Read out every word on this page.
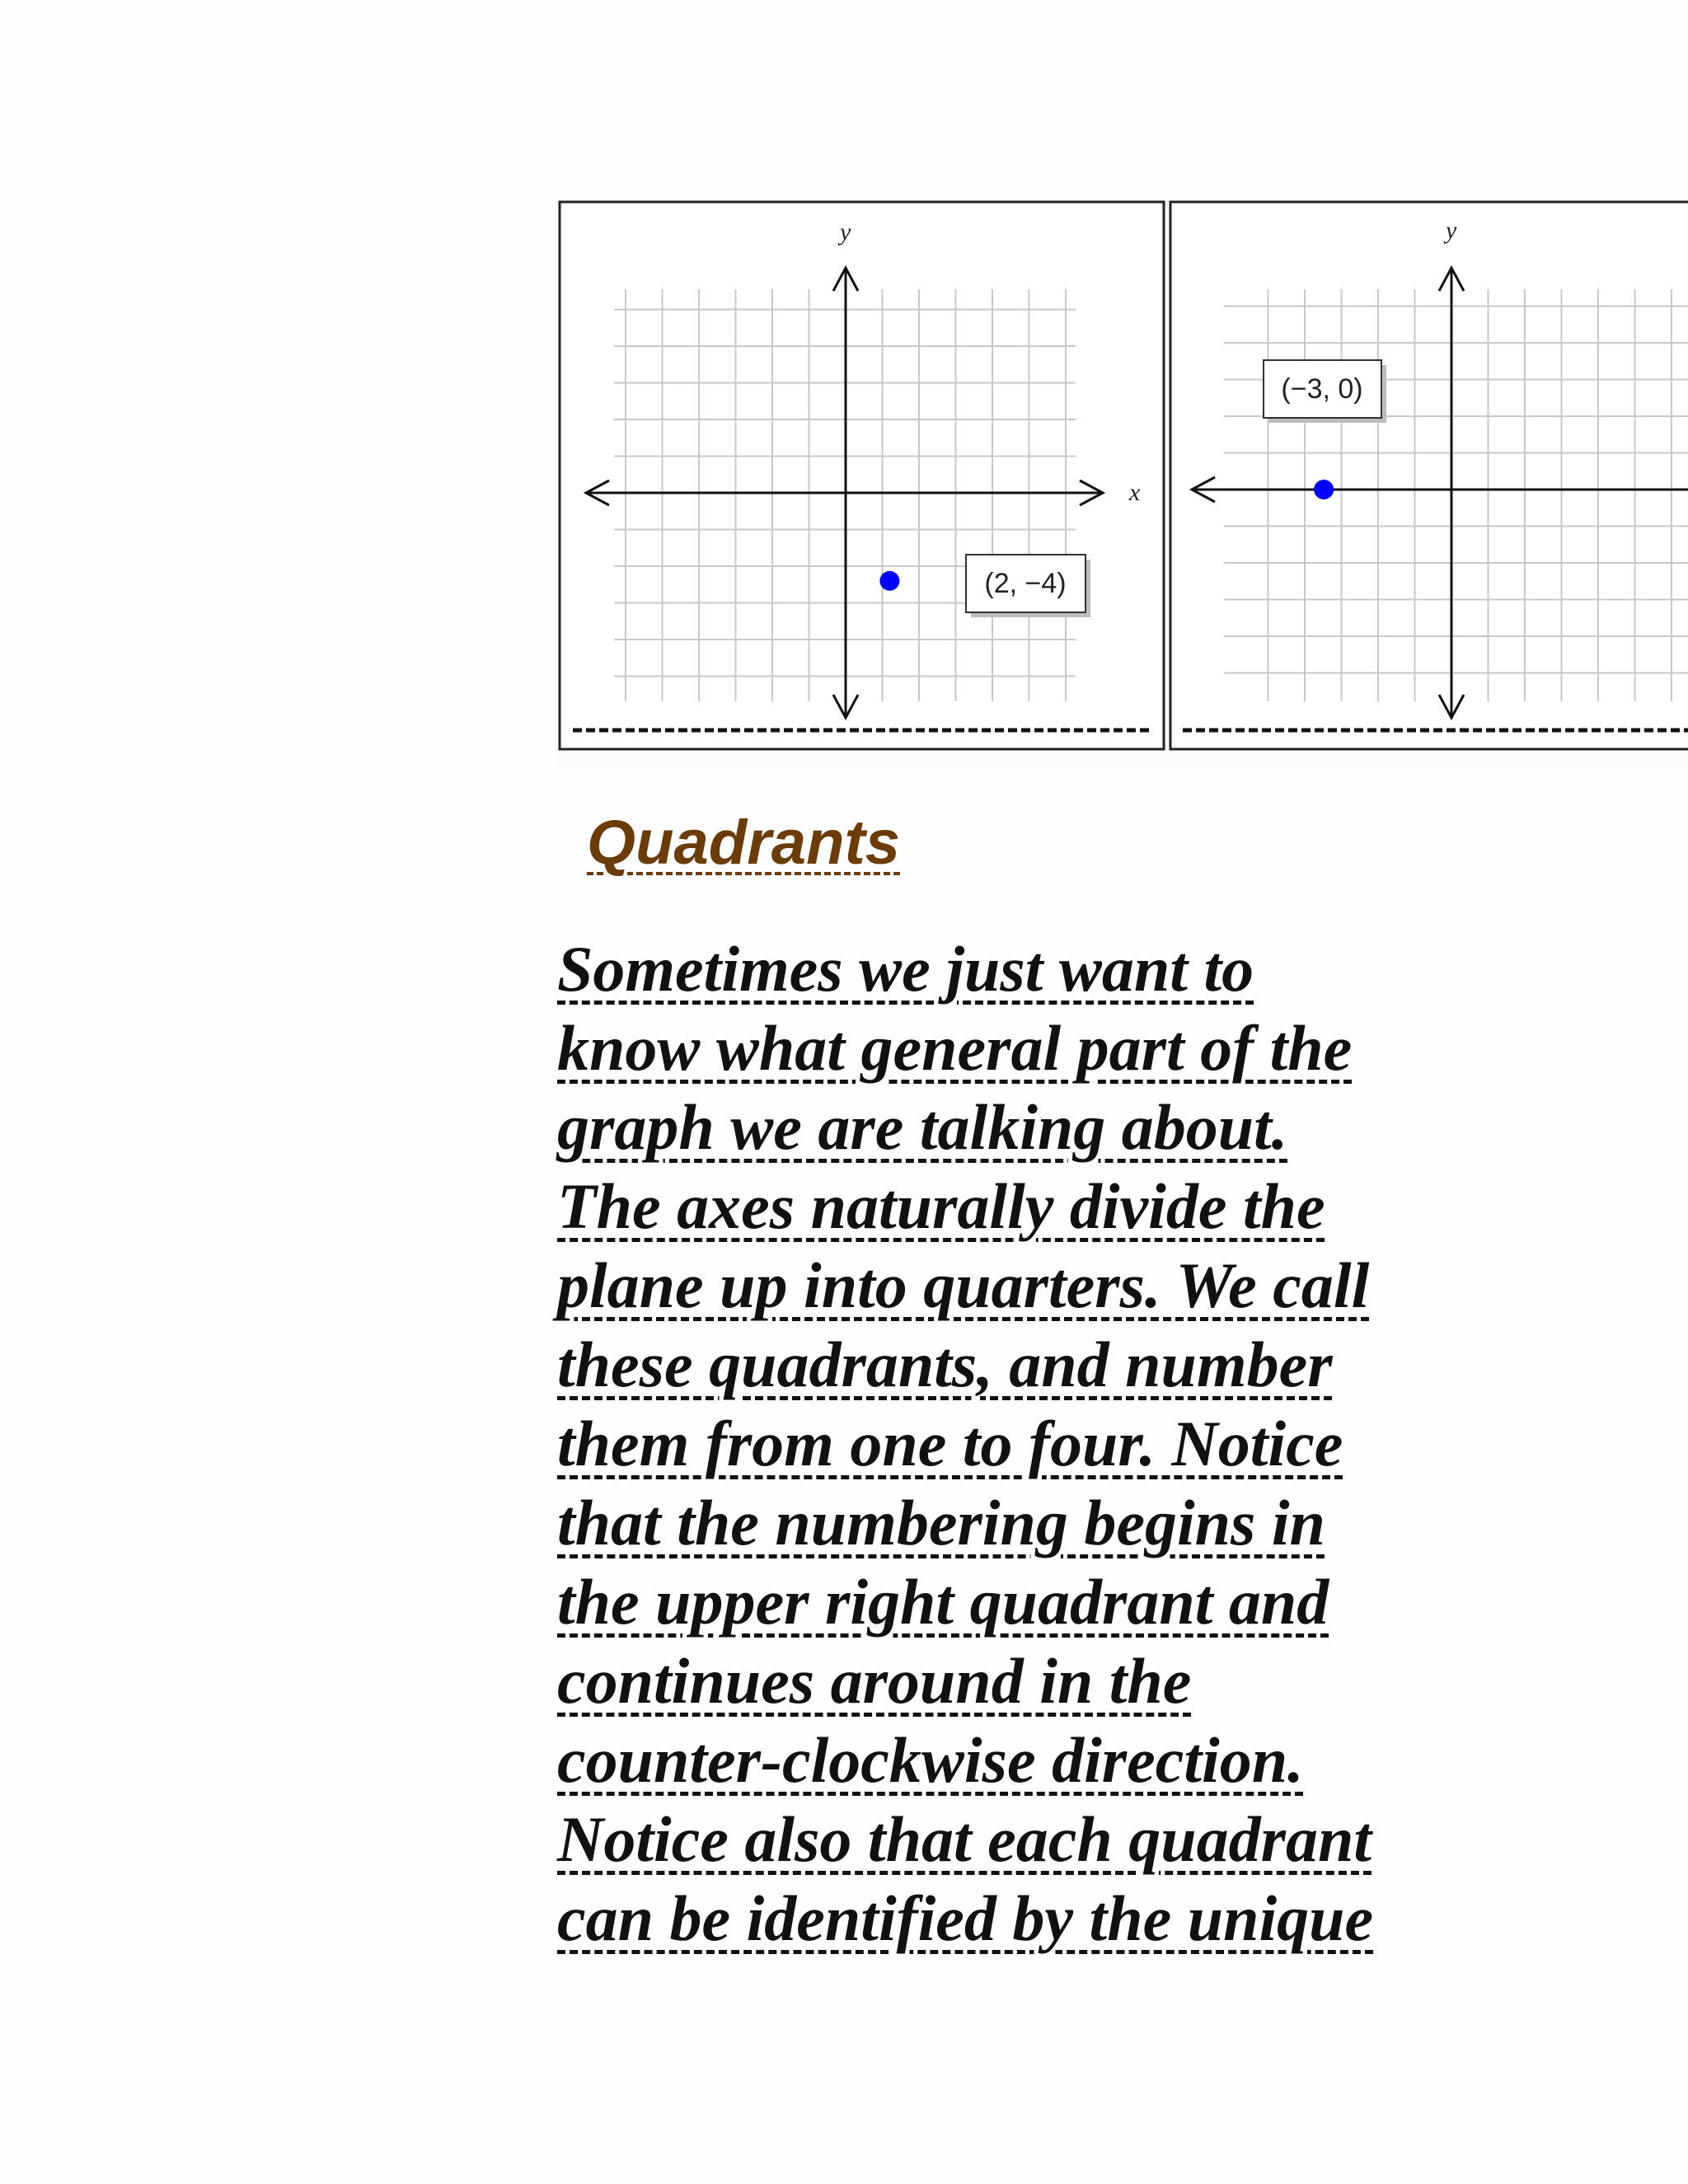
y
x
(2, −4)
y
(−3, 0)
Quadrants
Sometimes we just want to
know what general part of the
graph we are talking about.
The axes naturally divide the
plane up into quarters. We call
these quadrants, and number
them from one to four. Notice
that the numbering begins in
the upper right quadrant and
continues around in the
counter-clockwise direction.
Notice also that each quadrant
can be identified by the unique
